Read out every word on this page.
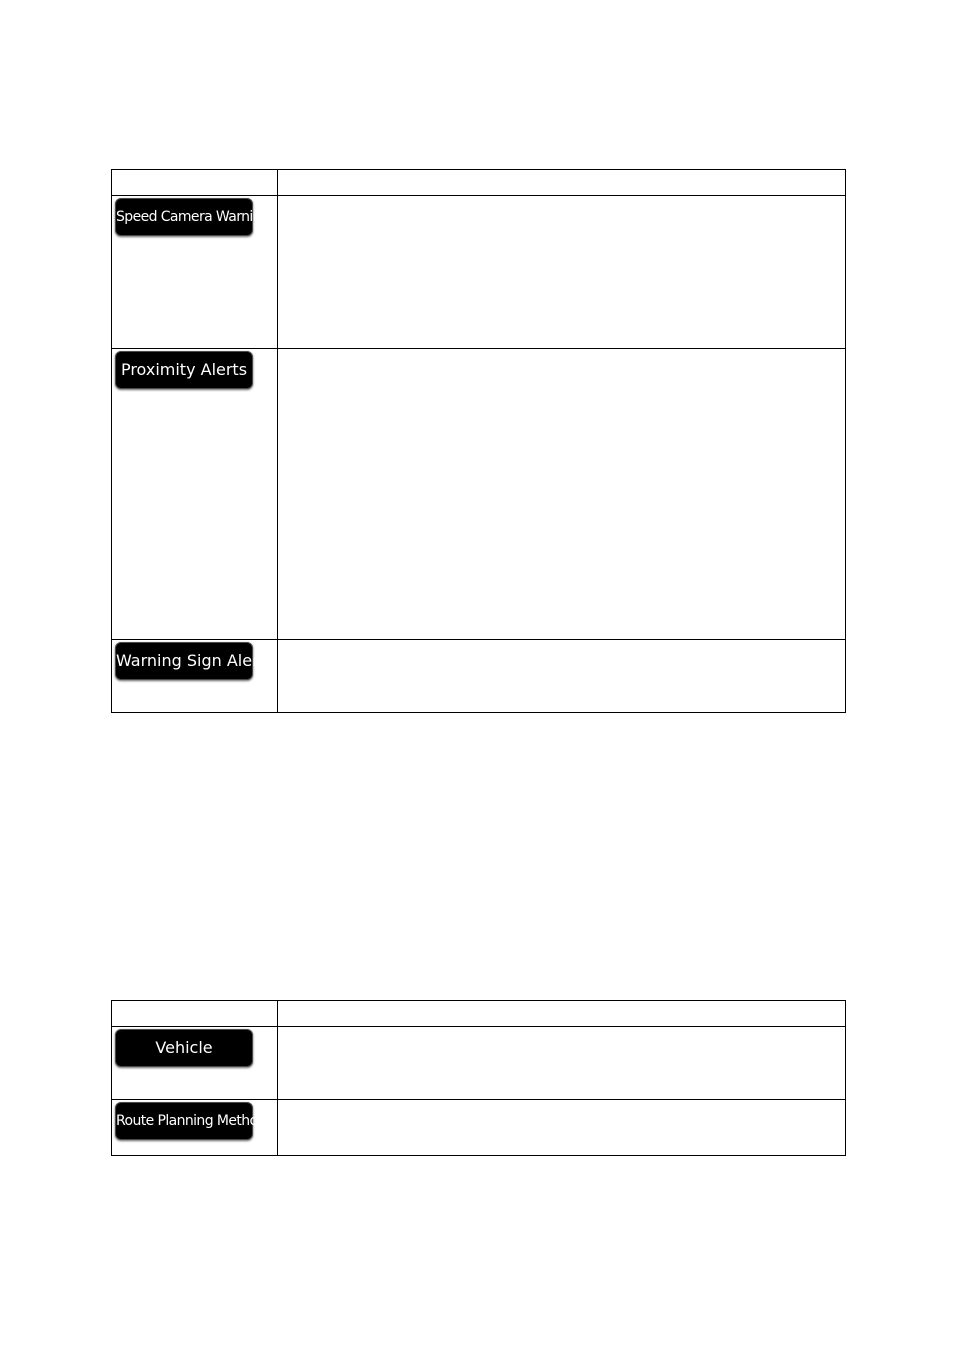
Speed Camera Warning	

Proximity Alerts	

Warning Sign Alerts	

Vehicle	

Route Planning Method	
